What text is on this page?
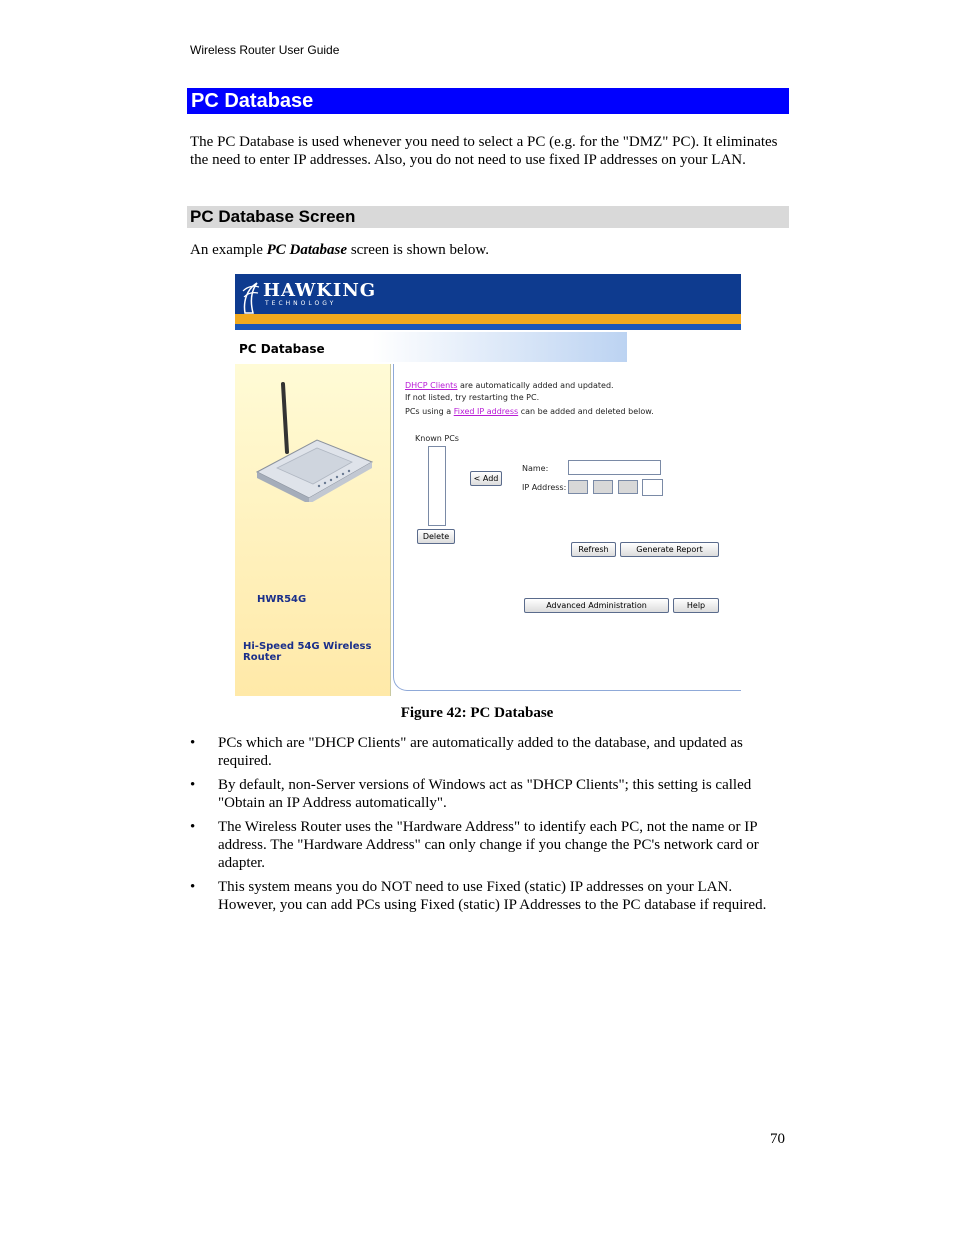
Wireless Router User Guide
PC Database
The PC Database is used whenever you need to select a PC (e.g. for the "DMZ" PC). It eliminates the need to enter IP addresses. Also, you do not need to use fixed IP addresses on your LAN.
PC Database Screen
An example PC Database screen is shown below.
HAWKING
TECHNOLOGY
PC Database
HWR54G
Hi-Speed 54G Wireless Router
DHCP Clients are automatically added and updated.
If not listed, try restarting the PC.
PCs using a Fixed IP address can be added and deleted below.
Known PCs
< Add
Delete
Name:
IP Address:
Refresh	Generate Report
Advanced Administration	Help
Figure 42: PC Database
• PCs which are "DHCP Clients" are automatically added to the database, and updated as required.
• By default, non-Server versions of Windows act as "DHCP Clients"; this setting is called "Obtain an IP Address automatically".
• The Wireless Router uses the "Hardware Address" to identify each PC, not the name or IP address. The "Hardware Address" can only change if you change the PC's network card or adapter.
• This system means you do NOT need to use Fixed (static) IP addresses on your LAN. However, you can add PCs using Fixed (static) IP Addresses to the PC database if required.
70
